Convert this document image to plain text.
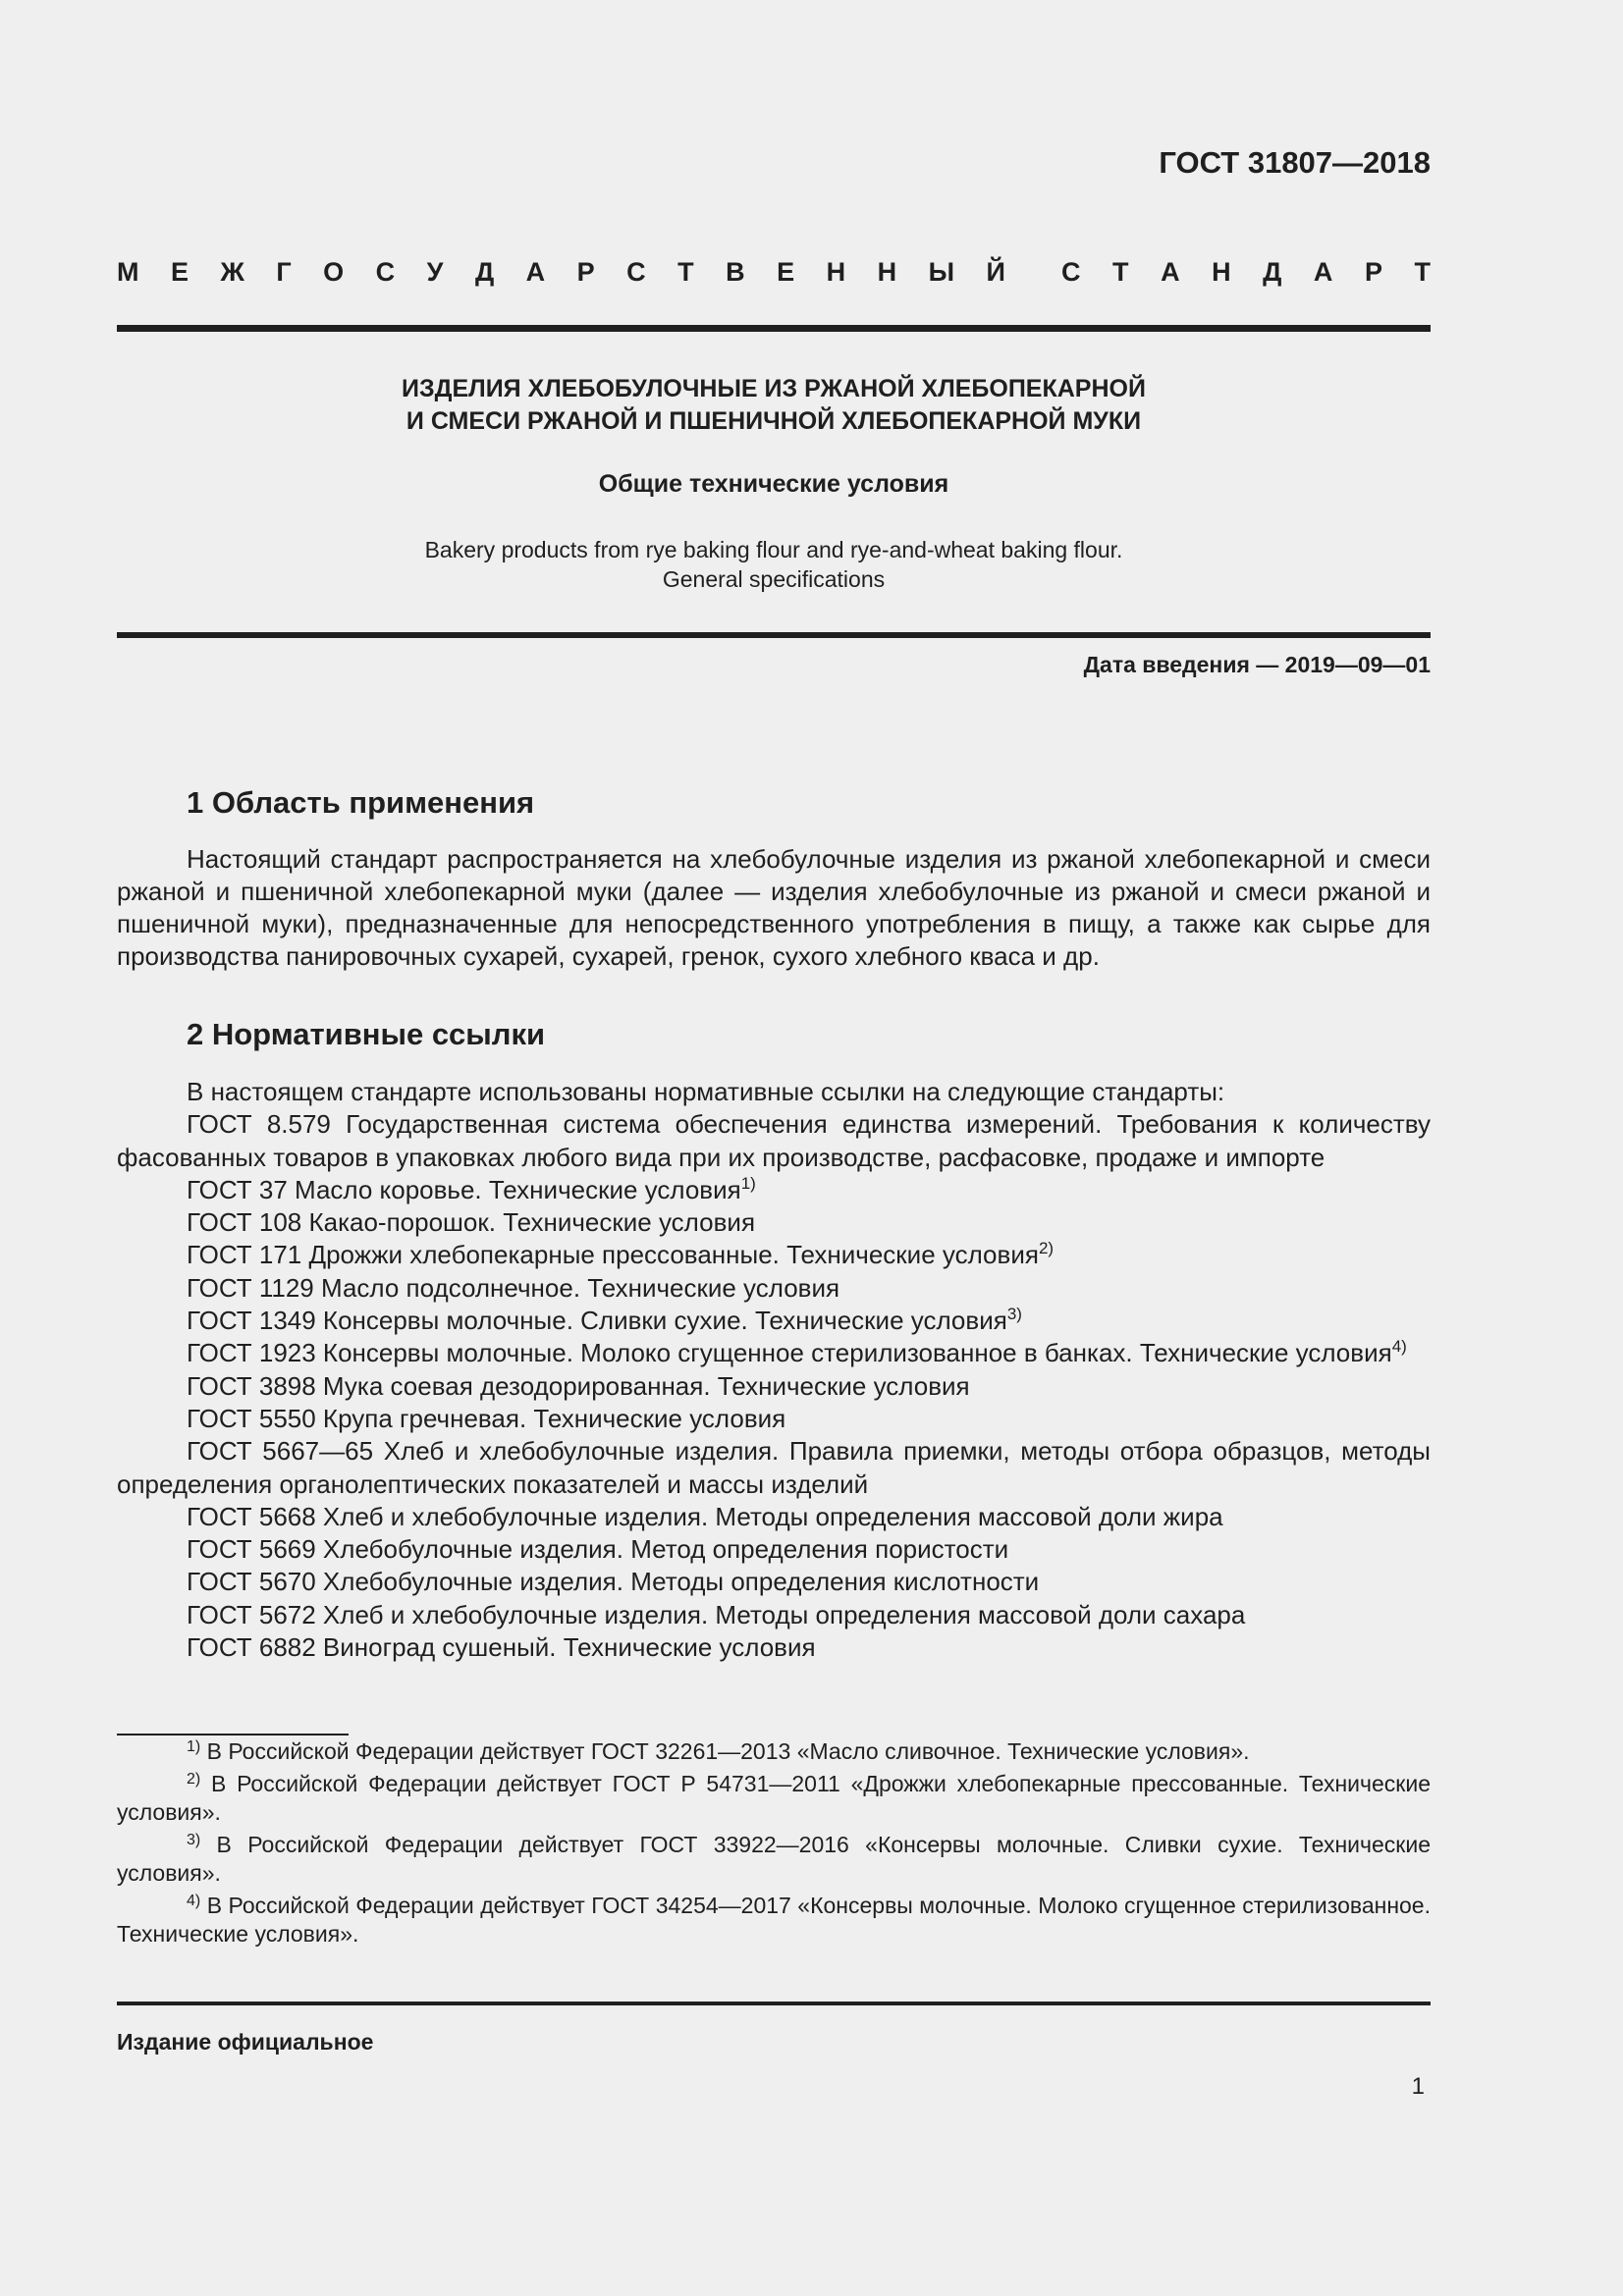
ГОСТ 31807—2018
М Е Ж Г О С У Д А Р С Т В Е Н Н Ы Й С Т А Н Д А Р Т
ИЗДЕЛИЯ ХЛЕБОБУЛОЧНЫЕ ИЗ РЖАНОЙ ХЛЕБОПЕКАРНОЙ
И СМЕСИ РЖАНОЙ И ПШЕНИЧНОЙ ХЛЕБОПЕКАРНОЙ МУКИ
Общие технические условия
Bakery products from rye baking flour and rye-and-wheat baking flour.
General specifications
Дата введения — 2019—09—01
1 Область применения
Настоящий стандарт распространяется на хлебобулочные изделия из ржаной хлебопекарной и смеси ржаной и пшеничной хлебопекарной муки (далее — изделия хлебобулочные из ржаной и смеси ржаной и пшеничной муки), предназначенные для непосредственного употребления в пищу, а также как сырье для производства панировочных сухарей, сухарей, гренок, сухого хлебного кваса и др.
2 Нормативные ссылки
В настоящем стандарте использованы нормативные ссылки на следующие стандарты:
ГОСТ 8.579 Государственная система обеспечения единства измерений. Требования к количеству фасованных товаров в упаковках любого вида при их производстве, расфасовке, продаже и импорте
ГОСТ 37 Масло коровье. Технические условия$^{1)}$
ГОСТ 108 Какао-порошок. Технические условия
ГОСТ 171 Дрожжи хлебопекарные прессованные. Технические условия$^{2)}$
ГОСТ 1129 Масло подсолнечное. Технические условия
ГОСТ 1349 Консервы молочные. Сливки сухие. Технические условия$^{3)}$
ГОСТ 1923 Консервы молочные. Молоко сгущенное стерилизованное в банках. Технические условия$^{4)}$
ГОСТ 3898 Мука соевая дезодорированная. Технические условия
ГОСТ 5550 Крупа гречневая. Технические условия
ГОСТ 5667—65 Хлеб и хлебобулочные изделия. Правила приемки, методы отбора образцов, методы определения органолептических показателей и массы изделий
ГОСТ 5668 Хлеб и хлебобулочные изделия. Методы определения массовой доли жира
ГОСТ 5669 Хлебобулочные изделия. Метод определения пористости
ГОСТ 5670 Хлебобулочные изделия. Методы определения кислотности
ГОСТ 5672 Хлеб и хлебобулочные изделия. Методы определения массовой доли сахара
ГОСТ 6882 Виноград сушеный. Технические условия
$^{1)}$ В Российской Федерации действует ГОСТ 32261—2013 «Масло сливочное. Технические условия».
$^{2)}$ В Российской Федерации действует ГОСТ Р 54731—2011 «Дрожжи хлебопекарные прессованные. Технические условия».
$^{3)}$ В Российской Федерации действует ГОСТ 33922—2016 «Консервы молочные. Сливки сухие. Технические условия».
$^{4)}$ В Российской Федерации действует ГОСТ 34254—2017 «Консервы молочные. Молоко сгущенное стерилизованное. Технические условия».
Издание официальное
1
